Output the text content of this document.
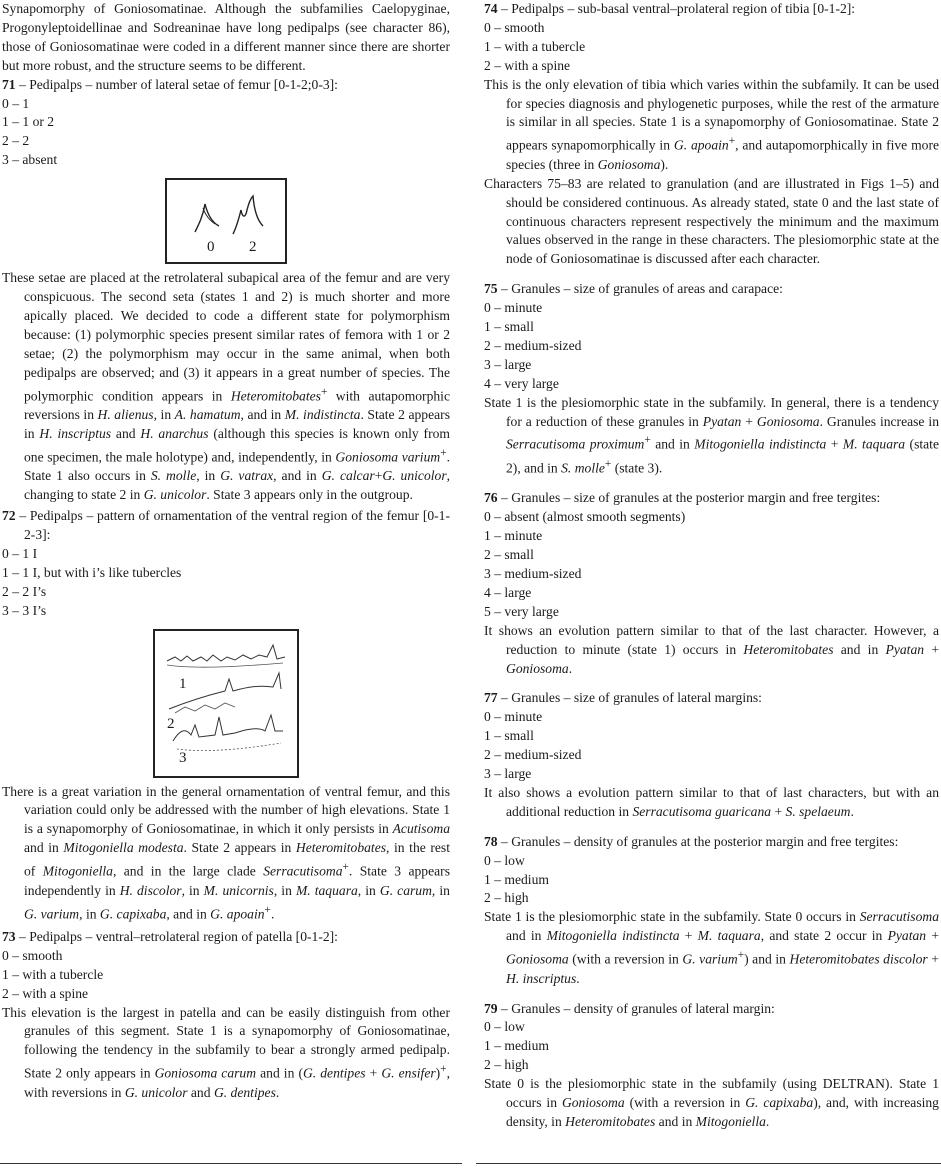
Synapomorphy of Goniosomatinae. Although the subfamilies Caelopyginae, Progonyleptoidellinae and Sodreaninae have long pedipalps (see character 86), those of Goniosomatinae were coded in a different manner since there are shorter but more robust, and the structure seems to be different.

71 – Pedipalps – number of lateral setae of femur [0-1-2;0-3]:

0 – 1

1 – 1 or 2

2 – 2

3 – absent

0 2

These setae are placed at the retrolateral subapical area of the femur and are very conspicuous. The second seta (states 1 and 2) is much shorter and more apically placed. We decided to code a different state for polymorphism because: (1) polymorphic species present similar rates of femora with 1 or 2 setae; (2) the polymorphism may occur in the same animal, when both pedipalps are observed; and (3) it appears in a great number of species. The polymorphic condition appears in Heteromitobates+ with autapomorphic reversions in H. alienus, in A. hamatum, and in M. indistincta. State 2 appears in H. inscriptus and H. anarchus (although this species is known only from one specimen, the male holotype) and, independently, in Goniosoma varium+. State 1 also occurs in S. molle, in G. vatrax, and in G. calcar+G. unicolor, changing to state 2 in G. unicolor. State 3 appears only in the outgroup.

72 – Pedipalps – pattern of ornamentation of the ventral region of the femur [0-1-2-3]:

0 – 1 I

1 – 1 I, but with i’s like tubercles

2 – 2 I’s

3 – 3 I’s

1
2
3

There is a great variation in the general ornamentation of ventral femur, and this variation could only be addressed with the number of high elevations. State 1 is a synapomorphy of Goniosomatinae, in which it only persists in Acutisoma and in Mitogoniella modesta. State 2 appears in Heteromitobates, in the rest of Mitogoniella, and in the large clade Serracutisoma+. State 3 appears independently in H. discolor, in M. unicornis, in M. taquara, in G. carum, in G. varium, in G. capixaba, and in G. apoain+.

73 – Pedipalps – ventral–retrolateral region of patella [0-1-2]:

0 – smooth

1 – with a tubercle

2 – with a spine

This elevation is the largest in patella and can be easily distinguish from other granules of this segment. State 1 is a synapomorphy of Goniosomatinae, following the tendency in the subfamily to bear a strongly armed pedipalp. State 2 only appears in Goniosoma carum and in (G. dentipes + G. ensifer)+, with reversions in G. unicolor and G. dentipes.

74 – Pedipalps – sub-basal ventral–prolateral region of tibia [0-1-2]:

0 – smooth

1 – with a tubercle

2 – with a spine

This is the only elevation of tibia which varies within the subfamily. It can be used for species diagnosis and phylogenetic purposes, while the rest of the armature is similar in all species. State 1 is a synapomorphy of Goniosomatinae. State 2 appears synapomorphically in G. apoain+, and autapomorphically in five more species (three in Goniosoma).

Characters 75–83 are related to granulation (and are illustrated in Figs 1–5) and should be considered continuous. As already stated, state 0 and the last state of continuous characters represent respectively the minimum and the maximum values observed in the range in these characters. The plesiomorphic state at the node of Goniosomatinae is discussed after each character.

75 – Granules – size of granules of areas and carapace:

0 – minute

1 – small

2 – medium-sized

3 – large

4 – very large

State 1 is the plesiomorphic state in the subfamily. In general, there is a tendency for a reduction of these granules in Pyatan + Goniosoma. Granules increase in Serracutisoma proximum+ and in Mitogoniella indistincta + M. taquara (state 2), and in S. molle+ (state 3).

76 – Granules – size of granules at the posterior margin and free tergites:

0 – absent (almost smooth segments)

1 – minute

2 – small

3 – medium-sized

4 – large

5 – very large

It shows an evolution pattern similar to that of the last character. However, a reduction to minute (state 1) occurs in Heteromitobates and in Pyatan + Goniosoma.

77 – Granules – size of granules of lateral margins:

0 – minute

1 – small

2 – medium-sized

3 – large

It also shows a evolution pattern similar to that of last characters, but with an additional reduction in Serracutisoma guaricana + S. spelaeum.

78 – Granules – density of granules at the posterior margin and free tergites:

0 – low

1 – medium

2 – high

State 1 is the plesiomorphic state in the subfamily. State 0 occurs in Serracutisoma and in Mitogoniella indistincta + M. taquara, and state 2 occur in Pyatan + Goniosoma (with a reversion in G. varium+) and in Heteromitobates discolor + H. inscriptus.

79 – Granules – density of granules of lateral margin:

0 – low

1 – medium

2 – high

State 0 is the plesiomorphic state in the subfamily (using DELTRAN). State 1 occurs in Goniosoma (with a reversion in G. capixaba), and, with increasing density, in Heteromitobates and in Mitogoniella.
